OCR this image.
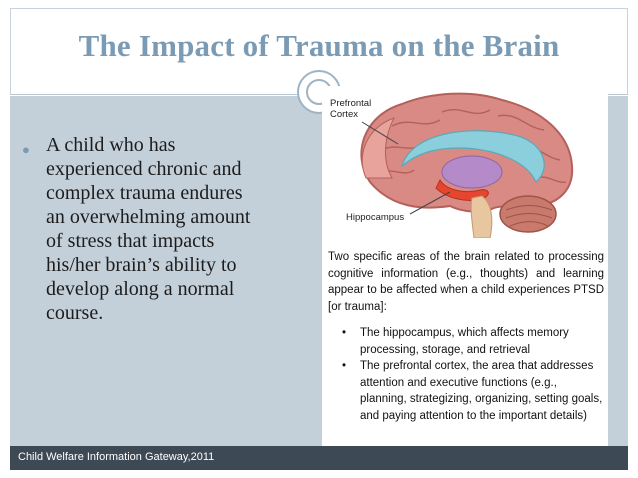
The Impact of Trauma on the Brain
● A child who has
experienced chronic and
complex trauma endures
an overwhelming amount
of stress that impacts
his/her brain’s ability to
develop along a normal
course.
Prefrontal
Cortex
Hippocampus
Two specific areas of the brain related to processing cognitive information (e.g., thoughts) and learning appear to be affected when a child experiences PTSD [or trauma]:
• The hippocampus, which affects memory processing, storage, and retrieval
• The prefrontal cortex, the area that addresses attention and executive functions (e.g., planning, strategizing, organizing, setting goals, and paying attention to the important details)
Child Welfare Information Gateway,2011
